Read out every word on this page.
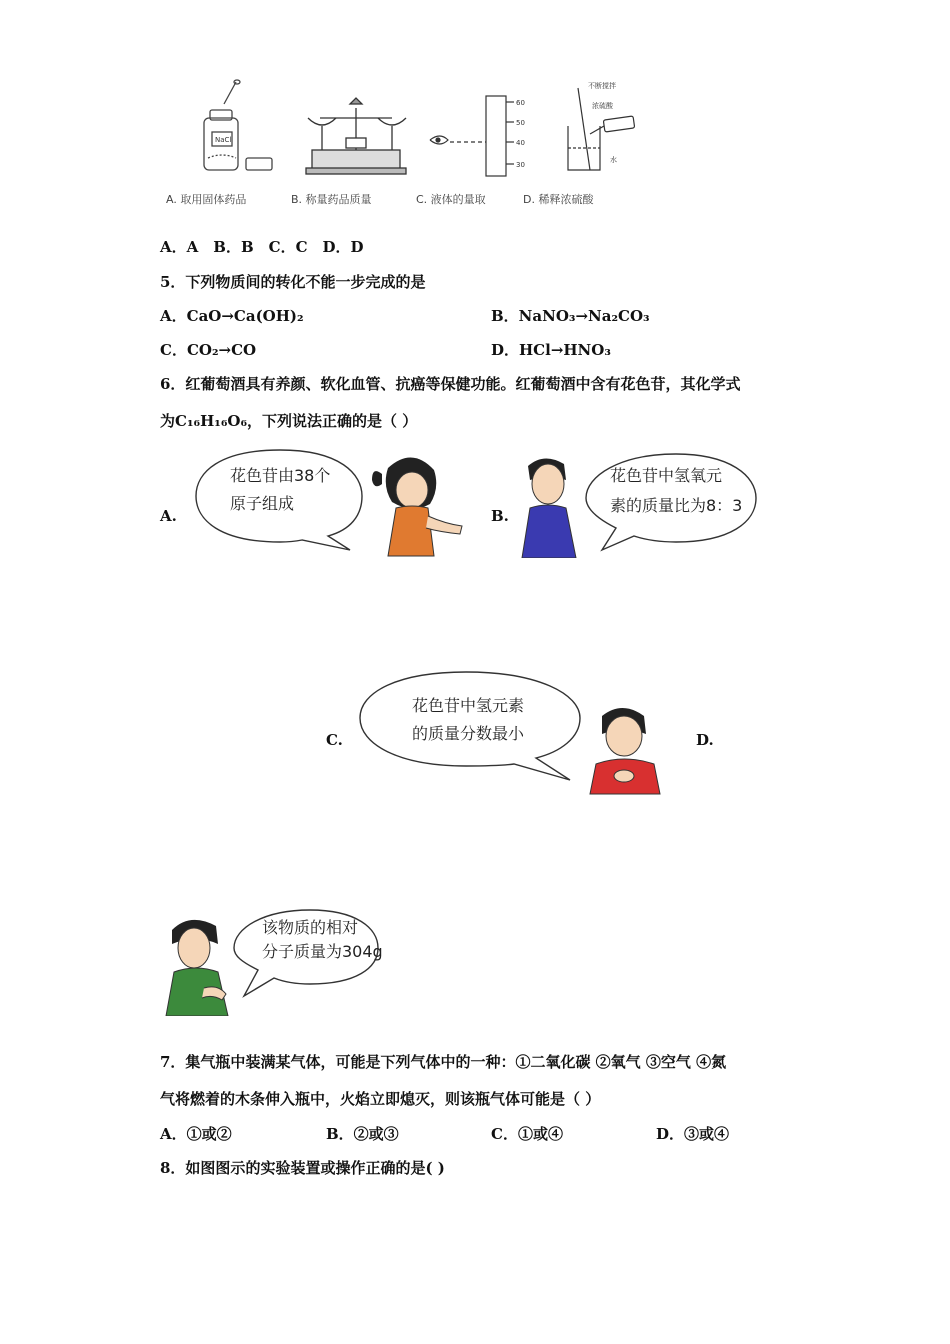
NaCl
60
50
40
30
不断搅拌
浓硫酸
水
A. 取用固体药品	B. 称量药品质量	C. 液体的量取	D. 稀释浓硫酸
A．A　B．B　C．C　D．D
5．下列物质间的转化不能一步完成的是
A．CaO→Ca(OH)₂	B．NaNO₃→Na₂CO₃
C．CO₂→CO	D．HCl→HNO₃
6．红葡萄酒具有养颜、软化血管、抗癌等保健功能。红葡萄酒中含有花色苷，其化学式
为C₁₆H₁₆O₆，下列说法正确的是（ ）
A.
花色苷由38个
原子组成
B.
花色苷中氢氧元
素的质量比为8：3
C.
花色苷中氢元素
的质量分数最小	D.
该物质的相对
分子质量为304g
7．集气瓶中装满某气体，可能是下列气体中的一种：①二氧化碳 ②氧气 ③空气 ④氮
气将燃着的木条伸入瓶中，火焰立即熄灭，则该瓶气体可能是（ ）
A．①或②	B．②或③	C．①或④	D．③或④
8．如图图示的实验装置或操作正确的是( )
